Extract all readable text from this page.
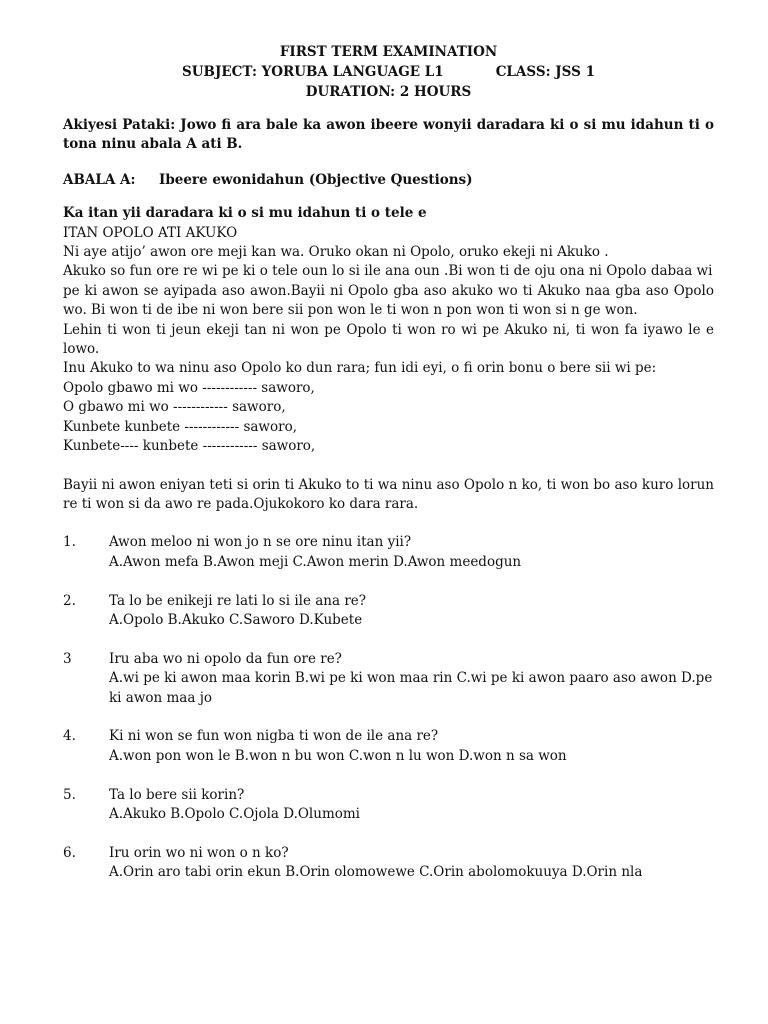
FIRST TERM EXAMINATION
SUBJECT: YORUBA LANGUAGE L1	CLASS: JSS 1
DURATION: 2 HOURS
Akiyesi Pataki: Jowo fi ara bale ka awon ibeere wonyii daradara ki o si mu idahun ti o tona ninu abala A ati B.
ABALA A:	Ibeere ewonidahun (Objective Questions)
Ka itan yii daradara ki o si mu idahun ti o tele e
ITAN OPOLO ATI AKUKO
Ni aye atijo’ awon ore meji kan wa. Oruko okan ni Opolo, oruko ekeji ni Akuko .
Akuko so fun ore re wi pe ki o tele oun lo si ile ana oun .Bi won ti de oju ona ni Opolo dabaa wi
pe ki awon se ayipada aso awon.Bayii ni Opolo gba aso akuko wo ti Akuko naa gba aso Opolo wo. Bi won ti de ibe ni won bere sii pon won le ti won n pon won ti won si n ge won.
Lehin ti won ti jeun ekeji tan ni won pe Opolo ti won ro wi pe Akuko ni, ti won fa iyawo le e lowo.
Inu Akuko to wa ninu aso Opolo ko dun rara; fun idi eyi, o fi orin bonu o bere sii wi pe:
Opolo gbawo mi wo ------------ saworo,
O gbawo mi wo ------------ saworo,
Kunbete kunbete ------------ saworo,
Kunbete---- kunbete ------------ saworo,
Bayii ni awon eniyan teti si orin ti Akuko to ti wa ninu aso Opolo n ko, ti won bo aso kuro lorun re ti won si da awo re pada.Ojukokoro ko dara rara.
1.	Awon meloo ni won jo n se ore ninu itan yii?
A.Awon mefa B.Awon meji C.Awon merin D.Awon meedogun
2.	Ta lo be enikeji re lati lo si ile ana re?
A.Opolo B.Akuko C.Saworo D.Kubete
3	Iru aba wo ni opolo da fun ore re?
A.wi pe ki awon maa korin B.wi pe ki won maa rin C.wi pe ki awon paaro aso awon D.pe ki awon maa jo
4.	Ki ni won se fun won nigba ti won de ile ana re?
A.won pon won le B.won n bu won C.won n lu won D.won n sa won
5.	Ta lo bere sii korin?
A.Akuko B.Opolo C.Ojola D.Olumomi
6.	Iru orin wo ni won o n ko?
A.Orin aro tabi orin ekun B.Orin olomowewe C.Orin abolomokuuya D.Orin nla
